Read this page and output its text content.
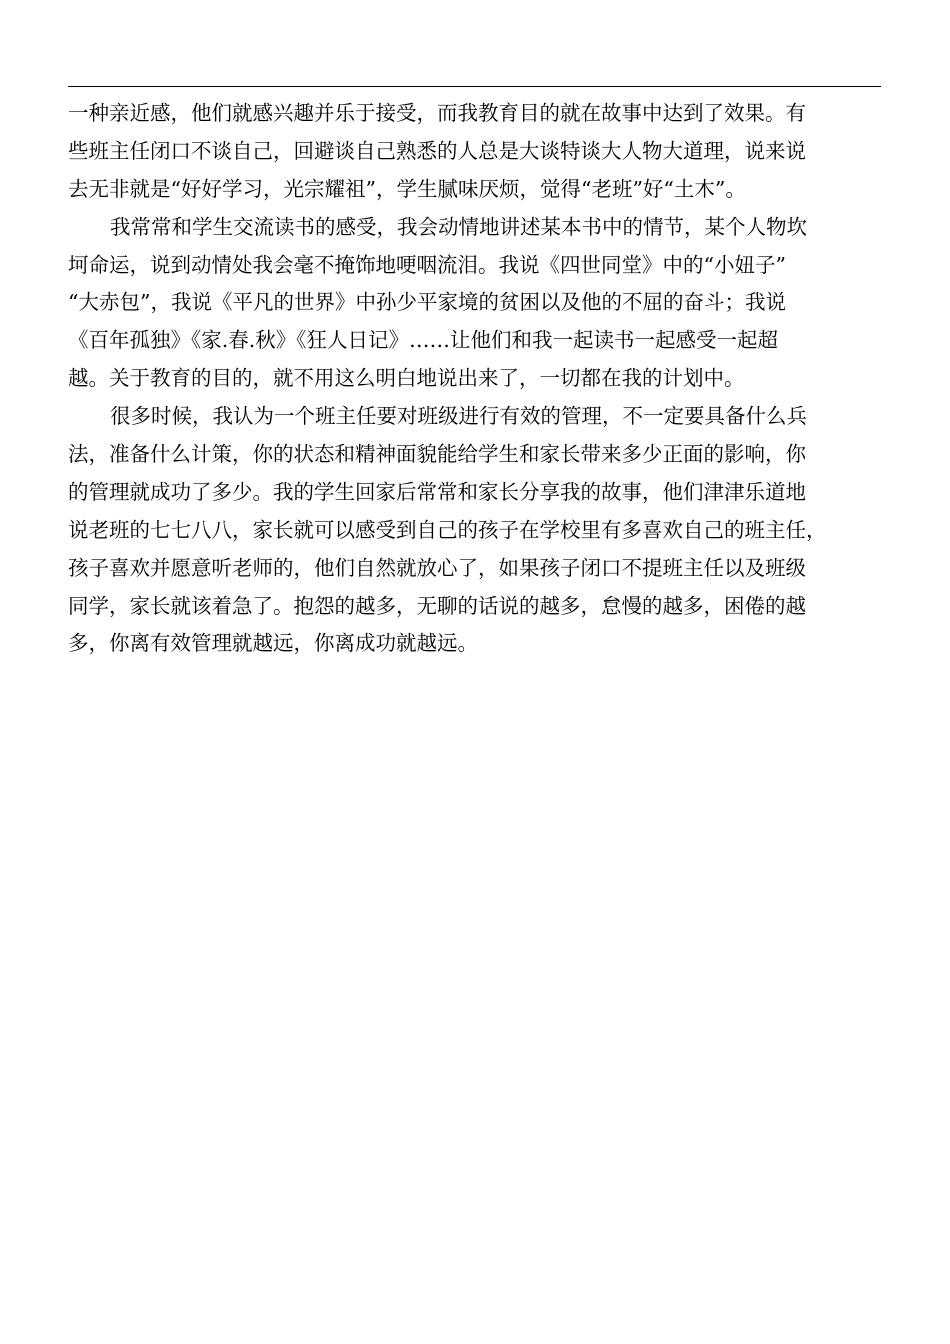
一种亲近感，他们就感兴趣并乐于接受，而我教育目的就在故事中达到了效果。有
些班主任闭口不谈自己，回避谈自己熟悉的人总是大谈特谈大人物大道理，说来说
去无非就是“好好学习，光宗耀祖”，学生腻味厌烦，觉得“老班”好“土木”。
我常常和学生交流读书的感受，我会动情地讲述某本书中的情节，某个人物坎
坷命运，说到动情处我会毫不掩饰地哽咽流泪。我说《四世同堂》中的“小妞子”
“大赤包”，我说《平凡的世界》中孙少平家境的贫困以及他的不屈的奋斗；我说
《百年孤独》《家.春.秋》《狂人日记》……让他们和我一起读书一起感受一起超
越。关于教育的目的，就不用这么明白地说出来了，一切都在我的计划中。
很多时候，我认为一个班主任要对班级进行有效的管理，不一定要具备什么兵
法，准备什么计策，你的状态和精神面貌能给学生和家长带来多少正面的影响，你
的管理就成功了多少。我的学生回家后常常和家长分享我的故事，他们津津乐道地
说老班的七七八八，家长就可以感受到自己的孩子在学校里有多喜欢自己的班主任，
孩子喜欢并愿意听老师的，他们自然就放心了，如果孩子闭口不提班主任以及班级
同学，家长就该着急了。抱怨的越多，无聊的话说的越多，怠慢的越多，困倦的越
多，你离有效管理就越远，你离成功就越远。
